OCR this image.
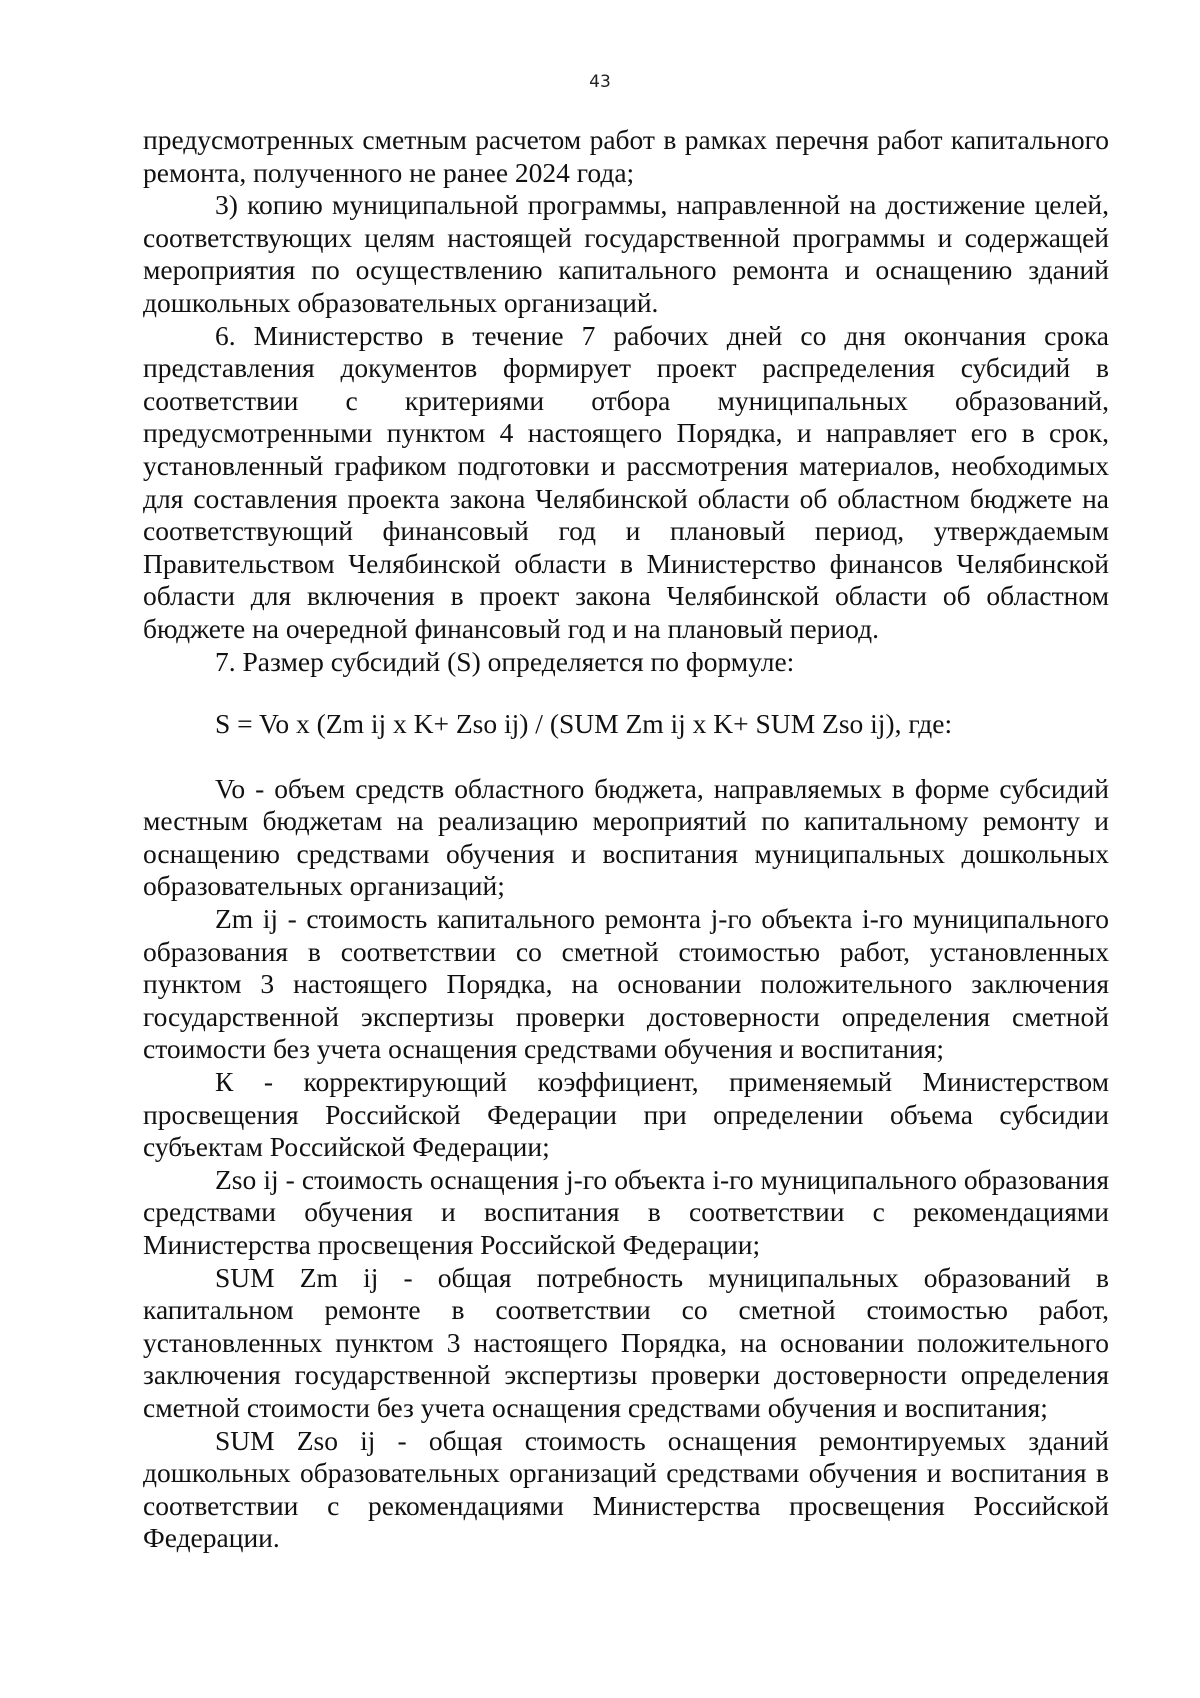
43

предусмотренных сметным расчетом работ в рамках перечня работ капитального ремонта, полученного не ранее 2024 года;

3) копию муниципальной программы, направленной на достижение целей, соответствующих целям настоящей государственной программы и содержащей мероприятия по осуществлению капитального ремонта и оснащению зданий дошкольных образовательных организаций.

6. Министерство в течение 7 рабочих дней со дня окончания срока представления документов формирует проект распределения субсидий в соответствии с критериями отбора муниципальных образований, предусмотренными пунктом 4 настоящего Порядка, и направляет его в срок, установленный графиком подготовки и рассмотрения материалов, необходимых для составления проекта закона Челябинской области об областном бюджете на соответствующий финансовый год и плановый период, утверждаемым Правительством Челябинской области в Министерство финансов Челябинской области для включения в проект закона Челябинской области об областном бюджете на очередной финансовый год и на плановый период.

7. Размер субсидий (S) определяется по формуле:

S = Vo x (Zm ij x K+ Zso ij) / (SUM Zm ij x K+ SUM Zso ij), где:

Vo - объем средств областного бюджета, направляемых в форме субсидий местным бюджетам на реализацию мероприятий по капитальному ремонту и оснащению средствами обучения и воспитания муниципальных дошкольных образовательных организаций;

Zm ij - стоимость капитального ремонта j-го объекта i-го муниципального образования в соответствии со сметной стоимостью работ, установленных пунктом 3 настоящего Порядка, на основании положительного заключения государственной экспертизы проверки достоверности определения сметной стоимости без учета оснащения средствами обучения и воспитания;

К - корректирующий коэффициент, применяемый Министерством просвещения Российской Федерации при определении объема субсидии субъектам Российской Федерации;

Zso ij - стоимость оснащения j-го объекта i-го муниципального образования средствами обучения и воспитания в соответствии с рекомендациями Министерства просвещения Российской Федерации;

SUM Zm ij - общая потребность муниципальных образований в капитальном ремонте в соответствии со сметной стоимостью работ, установленных пунктом 3 настоящего Порядка, на основании положительного заключения государственной экспертизы проверки достоверности определения сметной стоимости без учета оснащения средствами обучения и воспитания;

SUM Zso ij - общая стоимость оснащения ремонтируемых зданий дошкольных образовательных организаций средствами обучения и воспитания в соответствии с рекомендациями Министерства просвещения Российской Федерации.
